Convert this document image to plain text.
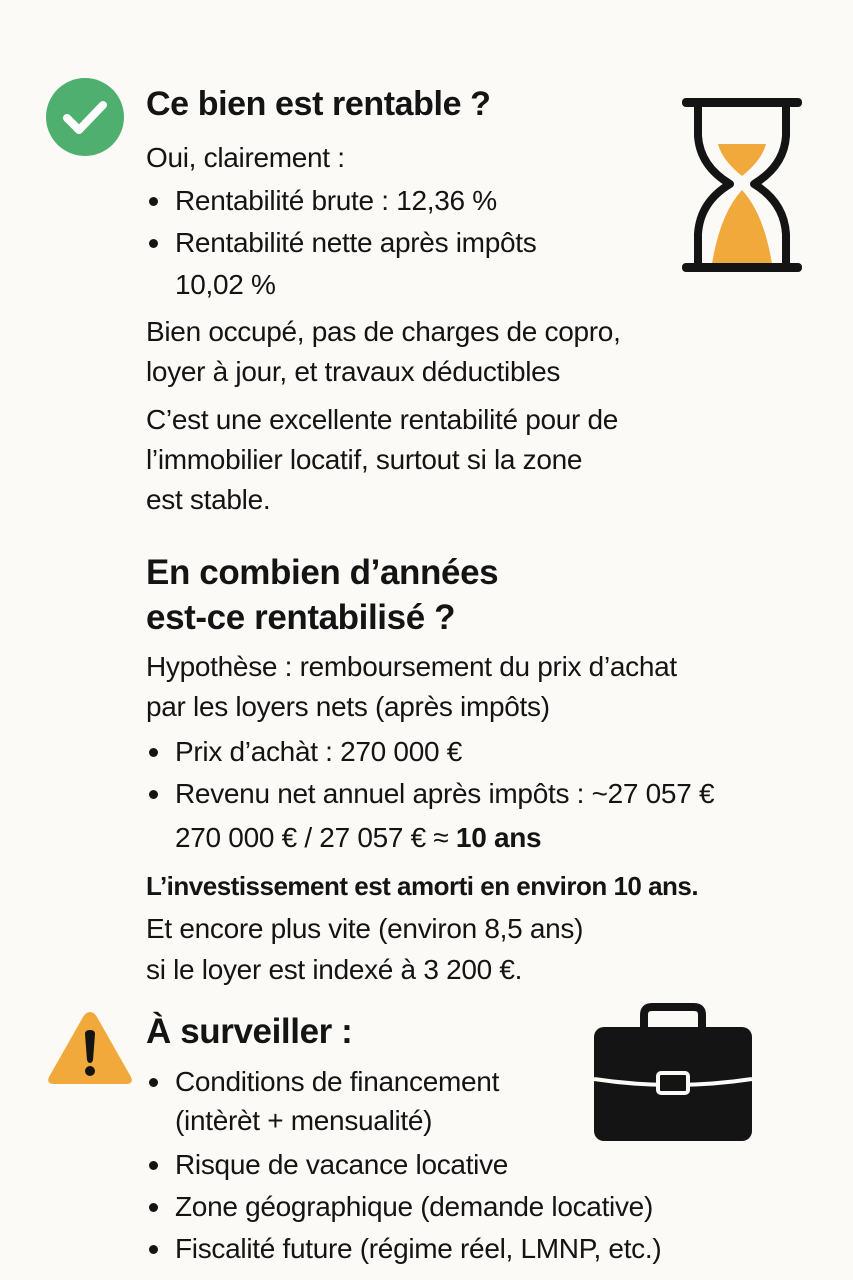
Ce bien est rentable ?

Oui, clairement :

Rentabilité brute : 12,36 %
Rentabilité nette après impôts

10,02 %

Bien occupé, pas de charges de copro,

loyer à jour, et travaux déductibles

C’est une excellente rentabilité pour de

l’immobilier locatif, surtout si la zone

est stable.

En combien d’années
est-ce rentabilisé ?

Hypothèse : remboursement du prix d’achat

par les loyers nets (après impôts)

Prix d’achàt : 270 000 €
Revenu net annuel après impôts : ~27 057 €

270 000 € / 27 057 € ≈ 10 ans

L’investissement est amorti en environ 10 ans.

Et encore plus vite (environ 8,5 ans)

si le loyer est indexé à 3 200 €.

À surveiller :
Conditions de financement

(intèrèt + mensualité)

Risque de vacance locative
Zone géographique (demande locative)
Fiscalité future (régime réel, LMNP, etc.)
